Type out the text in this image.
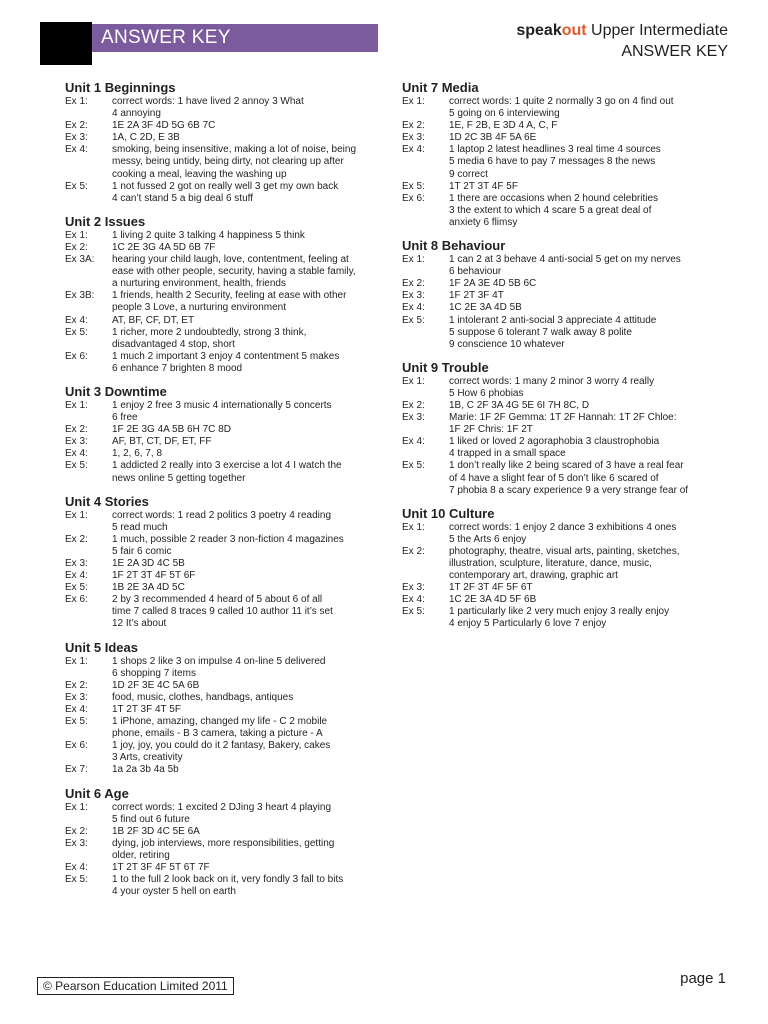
ANSWER KEY	speakout Upper Intermediate
ANSWER KEY
Unit 1 Beginnings
Ex 1:	correct words: 1 have lived 2 annoy 3 What
4 annoying
Ex 2:	1E 2A 3F 4D 5G 6B 7C
Ex 3:	1A, C 2D, E 3B
Ex 4:	smoking, being insensitive, making a lot of noise, being
messy, being untidy, being dirty, not clearing up after
cooking a meal, leaving the washing up
Ex 5:	1 not fussed 2 got on really well 3 get my own back
4 can’t stand 5 a big deal 6 stuff
Unit 2 Issues
Ex 1:	1 living 2 quite 3 talking 4 happiness 5 think
Ex 2:	1C 2E 3G 4A 5D 6B 7F
Ex 3A:	hearing your child laugh, love, contentment, feeling at
ease with other people, security, having a stable family,
a nurturing environment, health, friends
Ex 3B:	1 friends, health 2 Security, feeling at ease with other
people 3 Love, a nurturing environment
Ex 4:	AT, BF, CF, DT, ET
Ex 5:	1 richer, more 2 undoubtedly, strong 3 think,
disadvantaged 4 stop, short
Ex 6:	1 much 2 important 3 enjoy 4 contentment 5 makes
6 enhance 7 brighten 8 mood
Unit 3 Downtime
Ex 1:	1 enjoy 2 free 3 music 4 internationally 5 concerts
6 free
Ex 2:	1F 2E 3G 4A 5B 6H 7C 8D
Ex 3:	AF, BT, CT, DF, ET, FF
Ex 4:	1, 2, 6, 7, 8
Ex 5:	1 addicted 2 really into 3 exercise a lot 4 I watch the
news online 5 getting together
Unit 4 Stories
Ex 1:	correct words: 1 read 2 politics 3 poetry 4 reading
5 read much
Ex 2:	1 much, possible 2 reader 3 non-fiction 4 magazines
5 fair 6 comic
Ex 3:	1E 2A 3D 4C 5B
Ex 4:	1F 2T 3T 4F 5T 6F
Ex 5:	1B 2E 3A 4D 5C
Ex 6:	2 by 3 recommended 4 heard of 5 about 6 of all
time 7 called 8 traces 9 called 10 author 11 it’s set
12 It’s about
Unit 5 Ideas
Ex 1:	1 shops 2 like 3 on impulse 4 on-line 5 delivered
6 shopping 7 items
Ex 2:	1D 2F 3E 4C 5A 6B
Ex 3:	food, music, clothes, handbags, antiques
Ex 4:	1T 2T 3F 4T 5F
Ex 5:	1 iPhone, amazing, changed my life - C 2 mobile
phone, emails - B 3 camera, taking a picture - A
Ex 6:	1 joy, joy, you could do it 2 fantasy, Bakery, cakes
3 Arts, creativity
Ex 7:	1a 2a 3b 4a 5b
Unit 6 Age
Ex 1:	correct words: 1 excited 2 DJing 3 heart 4 playing
5 find out 6 future
Ex 2:	1B 2F 3D 4C 5E 6A
Ex 3:	dying, job interviews, more responsibilities, getting
older, retiring
Ex 4:	1T 2T 3F 4F 5T 6T 7F
Ex 5:	1 to the full 2 look back on it, very fondly 3 fall to bits
4 your oyster 5 hell on earth
Unit 7 Media
Ex 1:	correct words: 1 quite 2 normally 3 go on 4 find out
5 going on 6 interviewing
Ex 2:	1E, F 2B, E 3D 4 A, C, F
Ex 3:	1D 2C 3B 4F 5A 6E
Ex 4:	1 laptop 2 latest headlines 3 real time 4 sources
5 media 6 have to pay 7 messages 8 the news
9 correct
Ex 5:	1T 2T 3T 4F 5F
Ex 6:	1 there are occasions when 2 hound celebrities
3 the extent to which 4 scare 5 a great deal of
anxiety 6 flimsy
Unit 8 Behaviour
Ex 1:	1 can 2 at 3 behave 4 anti-social 5 get on my nerves
6 behaviour
Ex 2:	1F 2A 3E 4D 5B 6C
Ex 3:	1F 2T 3F 4T
Ex 4:	1C 2E 3A 4D 5B
Ex 5:	1 intolerant 2 anti-social 3 appreciate 4 attitude
5 suppose 6 tolerant 7 walk away 8 polite
9 conscience 10 whatever
Unit 9 Trouble
Ex 1:	correct words: 1 many 2 minor 3 worry 4 really
5 How 6 phobias
Ex 2:	1B, C 2F 3A 4G 5E 6I 7H 8C, D
Ex 3:	Marie: 1F 2F Gemma: 1T 2F Hannah: 1T 2F Chloe:
1F 2F Chris: 1F 2T
Ex 4:	1 liked or loved 2 agoraphobia 3 claustrophobia
4 trapped in a small space
Ex 5:	1 don’t really like 2 being scared of 3 have a real fear
of 4 have a slight fear of 5 don’t like 6 scared of
7 phobia 8 a scary experience 9 a very strange fear of
Unit 10 Culture
Ex 1:	correct words: 1 enjoy 2 dance 3 exhibitions 4 ones
5 the Arts 6 enjoy
Ex 2:	photography, theatre, visual arts, painting, sketches,
illustration, sculpture, literature, dance, music,
contemporary art, drawing, graphic art
Ex 3:	1T 2F 3T 4F 5F 6T
Ex 4:	1C 2E 3A 4D 5F 6B
Ex 5:	1 particularly like 2 very much enjoy 3 really enjoy
4 enjoy 5 Particularly 6 love 7 enjoy
© Pearson Education Limited 2011	page 1
